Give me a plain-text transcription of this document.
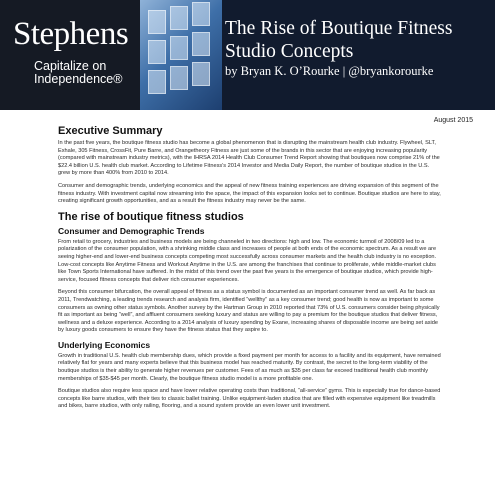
Stephens
Capitalize on
Independence®
The Rise of Boutique Fitness
Studio Concepts
by Bryan K. O’Rourke | @bryankorourke
August 2015
Executive Summary

In the past five years, the boutique fitness studio has become a global phenomenon that is disrupting the mainstream health club industry. Flywheel, SLT, Exhale, 305 Fitness, CrossFit, Pure Barre, and Orangetheory Fitness are just some of the brands in this sector that are enjoying increasing popularity (compared with mainstream industry metrics), with the IHRSA 2014 Health Club Consumer Trend Report showing that boutiques now comprise 21% of the $22.4 billion U.S. health club market. According to Lifetime Fitness’s 2014 Investor and Media Daily Report, the number of boutique studios in the U.S. grew by more than 400% from 2010 to 2014.

Consumer and demographic trends, underlying economics and the appeal of new fitness training experiences are driving expansion of this segment of the fitness industry. With investment capital now streaming into the space, the impact of this expansion looks set to continue. Boutique studios are here to stay, creating significant growth opportunities, and as a result the fitness industry may never be the same.

The rise of boutique fitness studios
Consumer and Demographic Trends

From retail to grocery, industries and business models are being channeled in two directions: high and low. The economic turmoil of 2008/09 led to a polarization of the consumer population, with a shrinking middle class and increases of people at both ends of the economic spectrum. As a result we are seeing higher-end and lower-end business concepts competing most successfully across consumer markets and the health club industry is no exception. Low-cost concepts like Anytime Fitness and Workout Anytime in the U.S. are among the franchises that continue to proliferate, while middle-market clubs like Town Sports International have suffered. In the midst of this trend over the past five years is the emergence of boutique studios, which provide high-service, focused fitness concepts that deliver rich consumer experiences.

Beyond this consumer bifurcation, the overall appeal of fitness as a status symbol is documented as an important consumer trend as well. As far back as 2011, Trendwatching, a leading trends research and analysis firm, identified “wellthy” as a key consumer trend; good health is now as important to some consumers as owning other status symbols. Another survey by the Hartman Group in 2010 reported that 73% of U.S. consumers consider being physically fit as important as being “well”, and affluent consumers seeking luxury and status are willing to pay a premium for the boutique studios that deliver fitness, wellness and a deluxe experience. According to a 2014 analysis of luxury spending by Exane, increasing shares of disposable income are being set aside by luxury goods consumers to ensure they have the fitness status that they aspire to.

Underlying Economics

Growth in traditional U.S. health club membership dues, which provide a fixed payment per month for access to a facility and its equipment, have remained relatively flat for years and many experts believe that this business model has reached maturity. By contrast, the secret to the long-term viability of the boutique studios is their ability to generate higher revenues per customer. Fees of as much as $35 per class far exceed traditional health club monthly memberships of $35-$45 per month. Clearly, the boutique fitness studio model is a more profitable one.

Boutique studios also require less space and have lower relative operating costs than traditional, “all-service” gyms. This is especially true for dance-based concepts like barre studios, with their ties to classic ballet training. Unlike equipment-laden studios that are filled with expensive equipment like treadmills and bikes, barre studios, with only railing, flooring, and a sound system provide an even lower unit investment.
